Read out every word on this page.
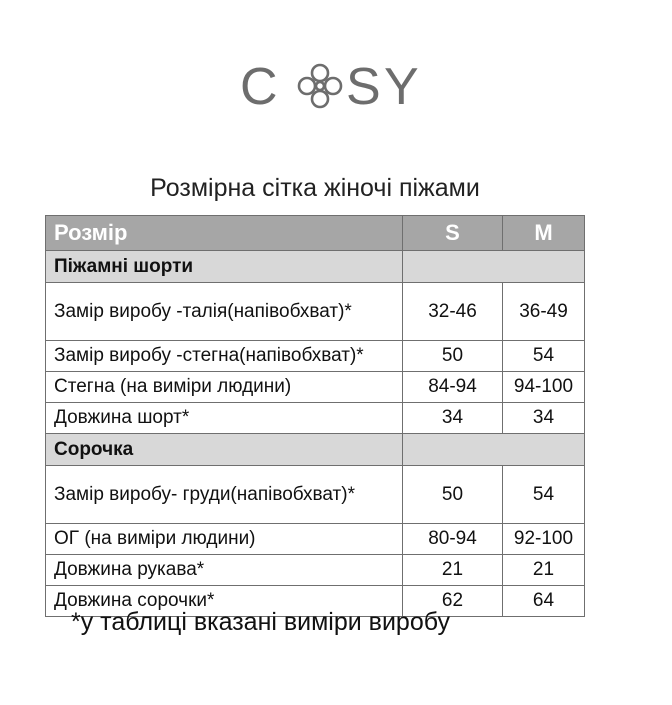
C S Y
Розмірна сітка жіночі піжами
Розмір	S	M
Піжамні шорти		
Замір виробу -талія(напівобхват)*	32-46	36-49
Замір виробу -стегна(напівобхват)*	50	54
Стегна (на виміри людини)	84-94	94-100
Довжина шорт*	34	34
Сорочка		
Замір виробу- груди(напівобхват)*	50	54
ОГ (на виміри людини)	80-94	92-100
Довжина рукава*	21	21
Довжина сорочки*	62	64
*у таблиці вказані виміри виробу
